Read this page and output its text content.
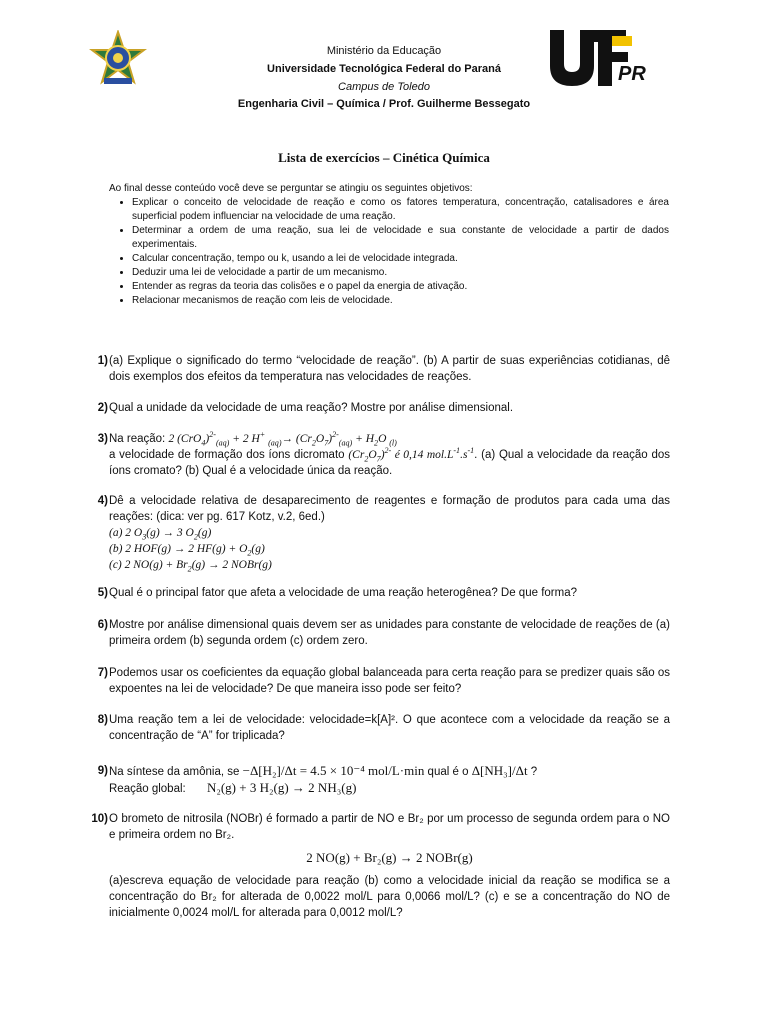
Ministério da Educação
Universidade Tecnológica Federal do Paraná
Campus de Toledo
Engenharia Civil – Química / Prof. Guilherme Bessegato
PR
Lista de exercícios – Cinética Química
Ao final desse conteúdo você deve se perguntar se atingiu os seguintes objetivos:
• Explicar o conceito de velocidade de reação e como os fatores temperatura, concentração, catalisadores e área superficial podem influenciar na velocidade de uma reação.
• Determinar a ordem de uma reação, sua lei de velocidade e sua constante de velocidade a partir de dados experimentais.
• Calcular concentração, tempo ou k, usando a lei de velocidade integrada.
• Deduzir uma lei de velocidade a partir de um mecanismo.
• Entender as regras da teoria das colisões e o papel da energia de ativação.
• Relacionar mecanismos de reação com leis de velocidade.
1) (a) Explique o significado do termo “velocidade de reação”. (b) A partir de suas experiências cotidianas, dê dois exemplos dos efeitos da temperatura nas velocidades de reações.
2) Qual a unidade da velocidade de uma reação? Mostre por análise dimensional.
3) Na reação: 2 $(CrO_4)^{2-}_{(aq)} + 2$ H+ $_{(aq)}\to (Cr_2O_7)^{2-}_{(aq)} + H_2O$ $_{(l)}$
a velocidade de formação dos íons dicromato $(Cr_2O_7)^{2-}$ é 0,14 $mol.L^{-1}.s^{-1}$. (a) Qual a velocidade da reação dos íons cromato? (b) Qual é a velocidade única da reação.
4) Dê a velocidade relativa de desaparecimento de reagentes e formação de produtos para cada uma das reações: (dica: ver pg. 617 Kotz, v.2, 6ed.)
(a) 2 $O_3(g) \to 3$ $O_2(g)$
(b) 2 HOF(g) → 2 $HF(g) + O_2(g)$
(c) 2 $NO(g) + Br_2(g) \to 2$ NOBr(g)
5) Qual é o principal fator que afeta a velocidade de uma reação heterogênea? De que forma?
6) Mostre por análise dimensional quais devem ser as unidades para constante de velocidade de reações de (a) primeira ordem (b) segunda ordem (c) ordem zero.
7) Podemos usar os coeficientes da equação global balanceada para certa reação para se predizer quais são os expoentes na lei de velocidade? De que maneira isso pode ser feito?
8) Uma reação tem a lei de velocidade: velocidade=k[A]². O que acontece com a velocidade da reação se a concentração de “A” for triplicada?
9) Na síntese da amônia, se −Δ[H₂]/Δt = 4.5 × 10⁻⁴ mol/L·min qual é o Δ[NH₃]/Δt ?
Reação global: N₂(g) + 3 H₂(g) → 2 NH₃(g)
10) O brometo de nitrosila (NOBr) é formado a partir de NO e Br₂ por um processo de segunda ordem para o NO e primeira ordem no Br₂.
2 NO(g) + Br₂(g) → 2 NOBr(g)
(a)escreva equação de velocidade para reação (b) como a velocidade inicial da reação se modifica se a concentração do Br₂ for alterada de 0,0022 mol/L para 0,0066 mol/L? (c) e se a concentração do NO de inicialmente 0,0024 mol/L for alterada para 0,0012 mol/L?
